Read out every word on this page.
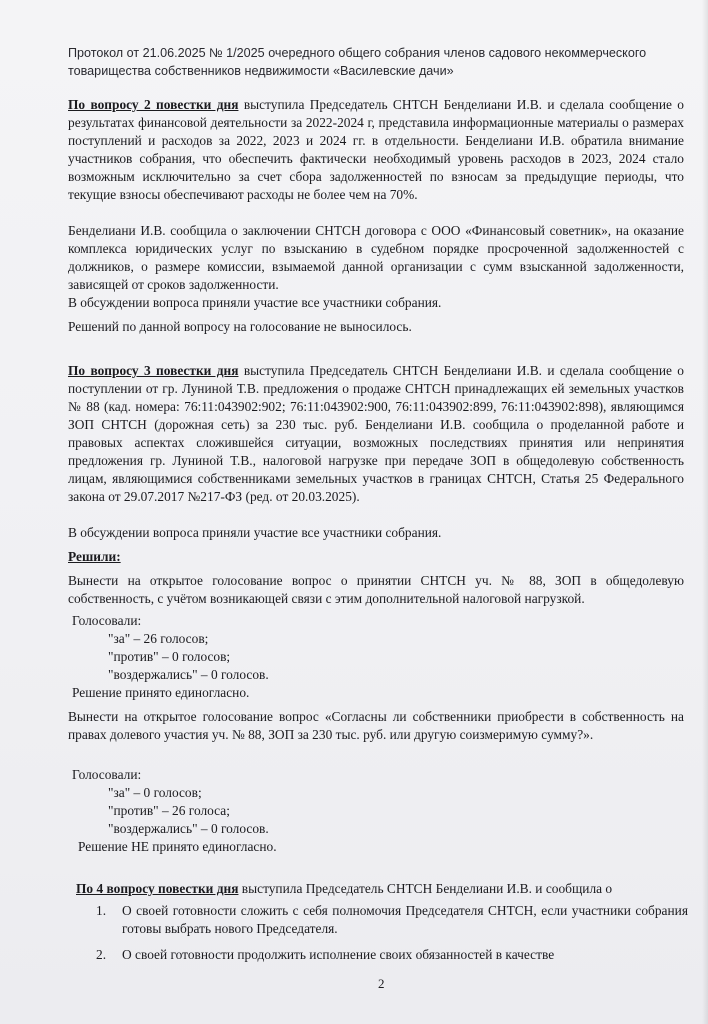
Протокол от 21.06.2025 № 1/2025 очередного общего собрания членов садового некоммерческого
товарищества собственников недвижимости «Василевские дачи»

По вопросу 2 повестки дня выступила Председатель СНТСН Бенделиани И.В. и сделала сообщение о результатах финансовой деятельности за 2022-2024 г, представила информационные материалы о размерах поступлений и расходов за 2022, 2023 и 2024 гг. в отдельности. Бенделиани И.В. обратила внимание участников собрания, что обеспечить фактически необходимый уровень расходов в 2023, 2024 стало возможным исключительно за счет сбора задолженностей по взносам за предыдущие периоды, что текущие взносы обеспечивают расходы не более чем на 70%.

Бенделиани И.В. сообщила о заключении СНТСН договора с ООО «Финансовый советник», на оказание комплекса юридических услуг по взысканию в судебном порядке просроченной задолженностей с должников, о размере комиссии, взымаемой данной организации с сумм взысканной задолженности, зависящей от сроков задолженности.

В обсуждении вопроса приняли участие все участники собрания.

Решений по данной вопросу на голосование не выносилось.

По вопросу 3 повестки дня выступила Председатель СНТСН Бенделиани И.В. и сделала сообщение о поступлении от гр. Луниной Т.В. предложения о продаже СНТСН принадлежащих ей земельных участков № 88 (кад. номера: 76:11:043902:902; 76:11:043902:900, 76:11:043902:899, 76:11:043902:898), являющимся ЗОП СНТСН (дорожная сеть) за 230 тыс. руб. Бенделиани И.В. сообщила о проделанной работе и правовых аспектах сложившейся ситуации, возможных последствиях принятия или непринятия предложения гр. Луниной Т.В., налоговой нагрузке при передаче ЗОП в общедолевую собственность лицам, являющимися собственниками земельных участков в границах СНТСН, Статья 25 Федерального закона от 29.07.2017 №217-ФЗ (ред. от 20.03.2025).

В обсуждении вопроса приняли участие все участники собрания.

Решили:

Вынести на открытое голосование вопрос о принятии СНТСН уч. № 88, ЗОП в общедолевую собственность, с учётом возникающей связи с этим дополнительной налоговой нагрузкой.

Голосовали:
"за" – 26 голосов;
"против" – 0 голосов;
"воздержались" – 0 голосов.
Решение принято единогласно.

Вынести на открытое голосование вопрос «Согласны ли собственники приобрести в собственность на правах долевого участия уч. № 88, ЗОП за 230 тыс. руб. или другую соизмеримую сумму?».

Голосовали:
"за" – 0 голосов;
"против" – 26 голоса;
"воздержались" – 0 голосов.
Решение НЕ принято единогласно.

По 4 вопросу повестки дня выступила Председатель СНТСН Бенделиани И.В. и сообщила о

1.	О своей готовности сложить с себя полномочия Председателя СНТСН, если участники собрания готовы выбрать нового Председателя.
2.	О своей готовности продолжить исполнение своих обязанностей в качестве
2
